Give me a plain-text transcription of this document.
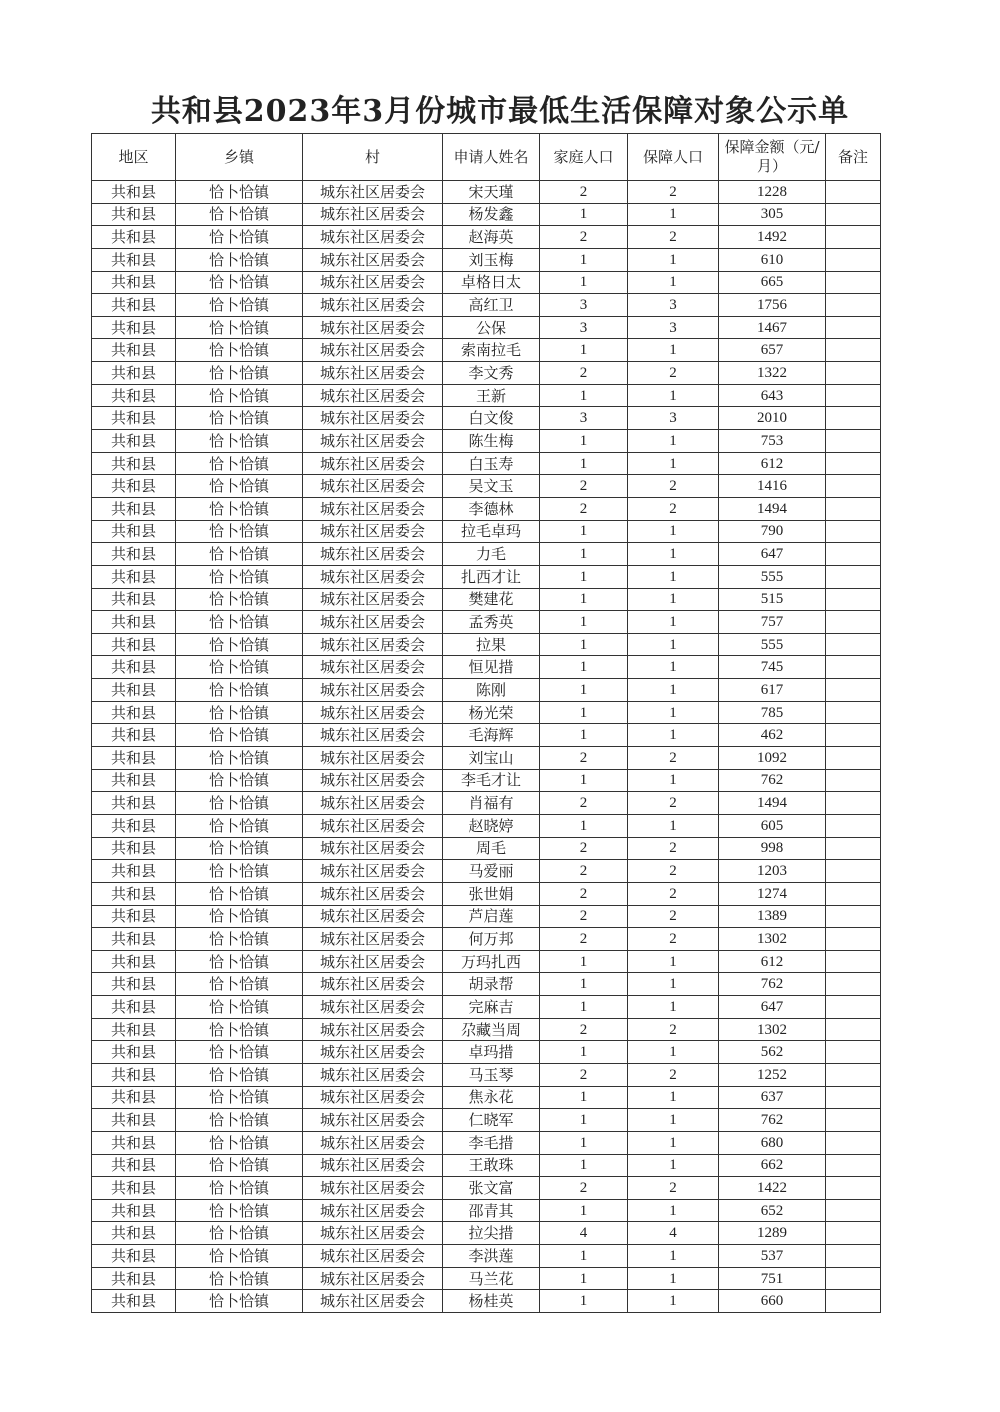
共和县2023年3月份城市最低生活保障对象公示单
地区	乡镇	村	申请人姓名	家庭人口	保障人口	保障金额（元/月）	备注
共和县	恰卜恰镇	城东社区居委会	宋天瑾	2	2	1228	
共和县	恰卜恰镇	城东社区居委会	杨发鑫	1	1	305	
共和县	恰卜恰镇	城东社区居委会	赵海英	2	2	1492	
共和县	恰卜恰镇	城东社区居委会	刘玉梅	1	1	610	
共和县	恰卜恰镇	城东社区居委会	卓格日太	1	1	665	
共和县	恰卜恰镇	城东社区居委会	高红卫	3	3	1756	
共和县	恰卜恰镇	城东社区居委会	公保	3	3	1467	
共和县	恰卜恰镇	城东社区居委会	索南拉毛	1	1	657	
共和县	恰卜恰镇	城东社区居委会	李文秀	2	2	1322	
共和县	恰卜恰镇	城东社区居委会	王新	1	1	643	
共和县	恰卜恰镇	城东社区居委会	白文俊	3	3	2010	
共和县	恰卜恰镇	城东社区居委会	陈生梅	1	1	753	
共和县	恰卜恰镇	城东社区居委会	白玉寿	1	1	612	
共和县	恰卜恰镇	城东社区居委会	吴文玉	2	2	1416	
共和县	恰卜恰镇	城东社区居委会	李德林	2	2	1494	
共和县	恰卜恰镇	城东社区居委会	拉毛卓玛	1	1	790	
共和县	恰卜恰镇	城东社区居委会	力毛	1	1	647	
共和县	恰卜恰镇	城东社区居委会	扎西才让	1	1	555	
共和县	恰卜恰镇	城东社区居委会	樊建花	1	1	515	
共和县	恰卜恰镇	城东社区居委会	孟秀英	1	1	757	
共和县	恰卜恰镇	城东社区居委会	拉果	1	1	555	
共和县	恰卜恰镇	城东社区居委会	恒见措	1	1	745	
共和县	恰卜恰镇	城东社区居委会	陈刚	1	1	617	
共和县	恰卜恰镇	城东社区居委会	杨光荣	1	1	785	
共和县	恰卜恰镇	城东社区居委会	毛海辉	1	1	462	
共和县	恰卜恰镇	城东社区居委会	刘宝山	2	2	1092	
共和县	恰卜恰镇	城东社区居委会	李毛才让	1	1	762	
共和县	恰卜恰镇	城东社区居委会	肖福有	2	2	1494	
共和县	恰卜恰镇	城东社区居委会	赵晓婷	1	1	605	
共和县	恰卜恰镇	城东社区居委会	周毛	2	2	998	
共和县	恰卜恰镇	城东社区居委会	马爱丽	2	2	1203	
共和县	恰卜恰镇	城东社区居委会	张世娟	2	2	1274	
共和县	恰卜恰镇	城东社区居委会	芦启莲	2	2	1389	
共和县	恰卜恰镇	城东社区居委会	何万邦	2	2	1302	
共和县	恰卜恰镇	城东社区居委会	万玛扎西	1	1	612	
共和县	恰卜恰镇	城东社区居委会	胡录帮	1	1	762	
共和县	恰卜恰镇	城东社区居委会	完麻吉	1	1	647	
共和县	恰卜恰镇	城东社区居委会	尕藏当周	2	2	1302	
共和县	恰卜恰镇	城东社区居委会	卓玛措	1	1	562	
共和县	恰卜恰镇	城东社区居委会	马玉琴	2	2	1252	
共和县	恰卜恰镇	城东社区居委会	焦永花	1	1	637	
共和县	恰卜恰镇	城东社区居委会	仁晓军	1	1	762	
共和县	恰卜恰镇	城东社区居委会	李毛措	1	1	680	
共和县	恰卜恰镇	城东社区居委会	王敢珠	1	1	662	
共和县	恰卜恰镇	城东社区居委会	张文富	2	2	1422	
共和县	恰卜恰镇	城东社区居委会	邵青其	1	1	652	
共和县	恰卜恰镇	城东社区居委会	拉尖措	4	4	1289	
共和县	恰卜恰镇	城东社区居委会	李洪莲	1	1	537	
共和县	恰卜恰镇	城东社区居委会	马兰花	1	1	751	
共和县	恰卜恰镇	城东社区居委会	杨桂英	1	1	660	
